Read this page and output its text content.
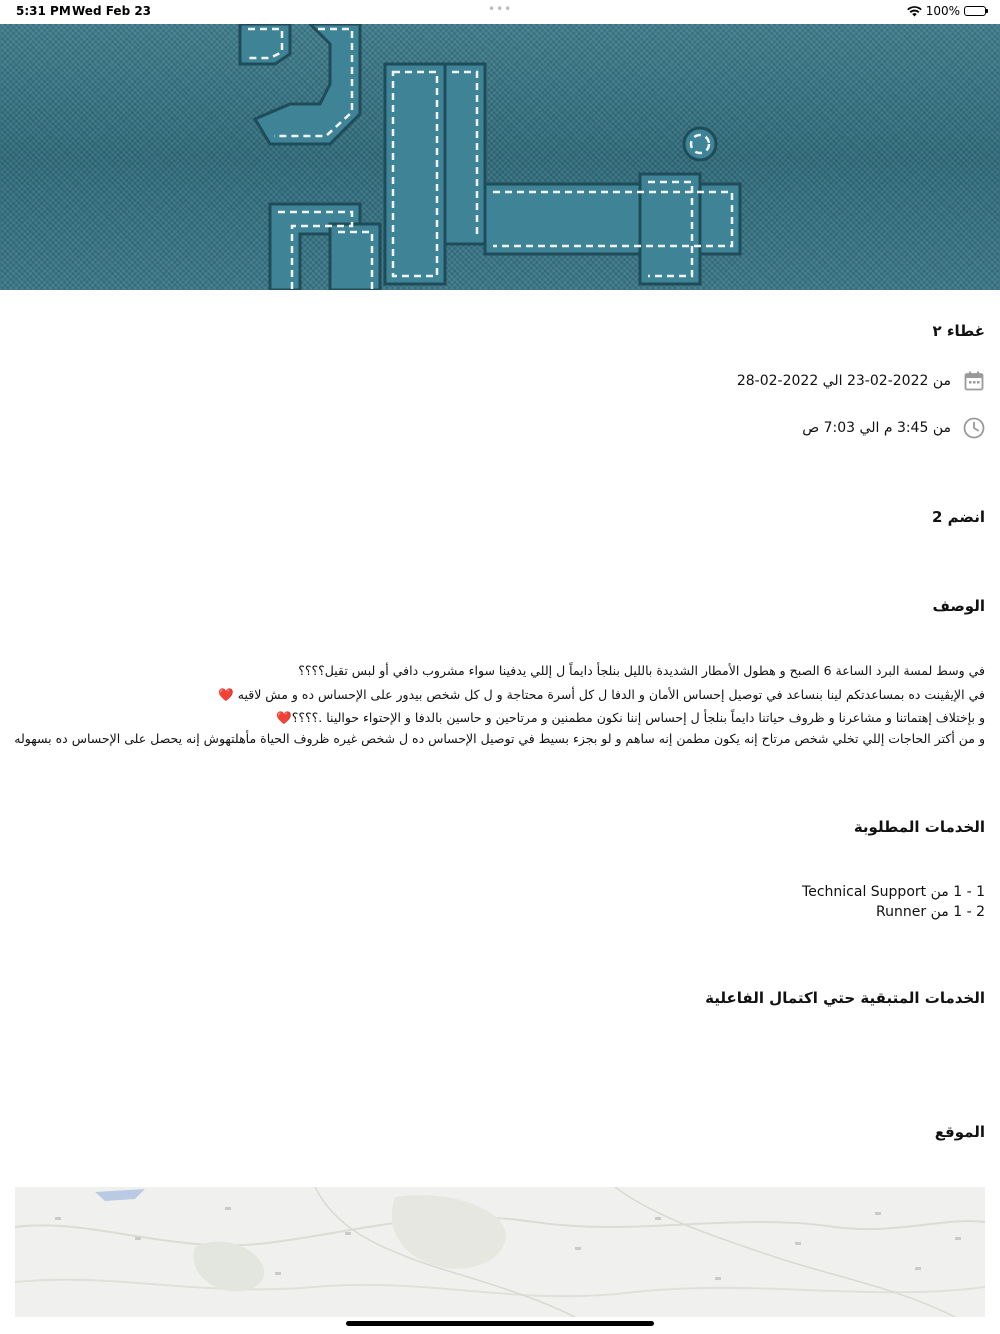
5:31 PM Wed Feb 23	•••	100%
غطاء ٢
من 2022-02-23 الي 2022-02-28
من 3:45 م الي 7:03 ص
انضم 2
الوصف

في وسط لمسة البرد الساعة 6 الصبح و هطول الأمطار الشديدة بالليل بنلجأ دايماً ل إللي يدفينا سواء مشروب دافي أو لبس تقيل؟؟؟؟

في الإيڤينت ده بمساعدتكم لينا بنساعد في توصيل إحساس الأمان و الدفا ل كل أسرة محتاجة و ل كل شخص بيدور على الإحساس ده و مش لاقيه ❤️

و بإختلاف إهتماتنا و مشاعرنا و ظروف حياتنا دايماً بنلجأ ل إحساس إننا نكون مطمنين و مرتاحين و حاسين بالدفا و الإحتواء حوالينا .؟؟؟؟❤️

و من أكتر الحاجات إللي تخلي شخص مرتاح إنه يكون مطمن إنه ساهم و لو بجزء بسيط في توصيل الإحساس ده ل شخص غيره ظروف الحياة مأهلتهوش إنه يحصل على الإحساس ده بسهوله

الخدمات المطلوبة
1 - 1 من Technical Support
2 - 1 من Runner
الخدمات المتبقية حتي اكتمال الفاعلية
الموقع
